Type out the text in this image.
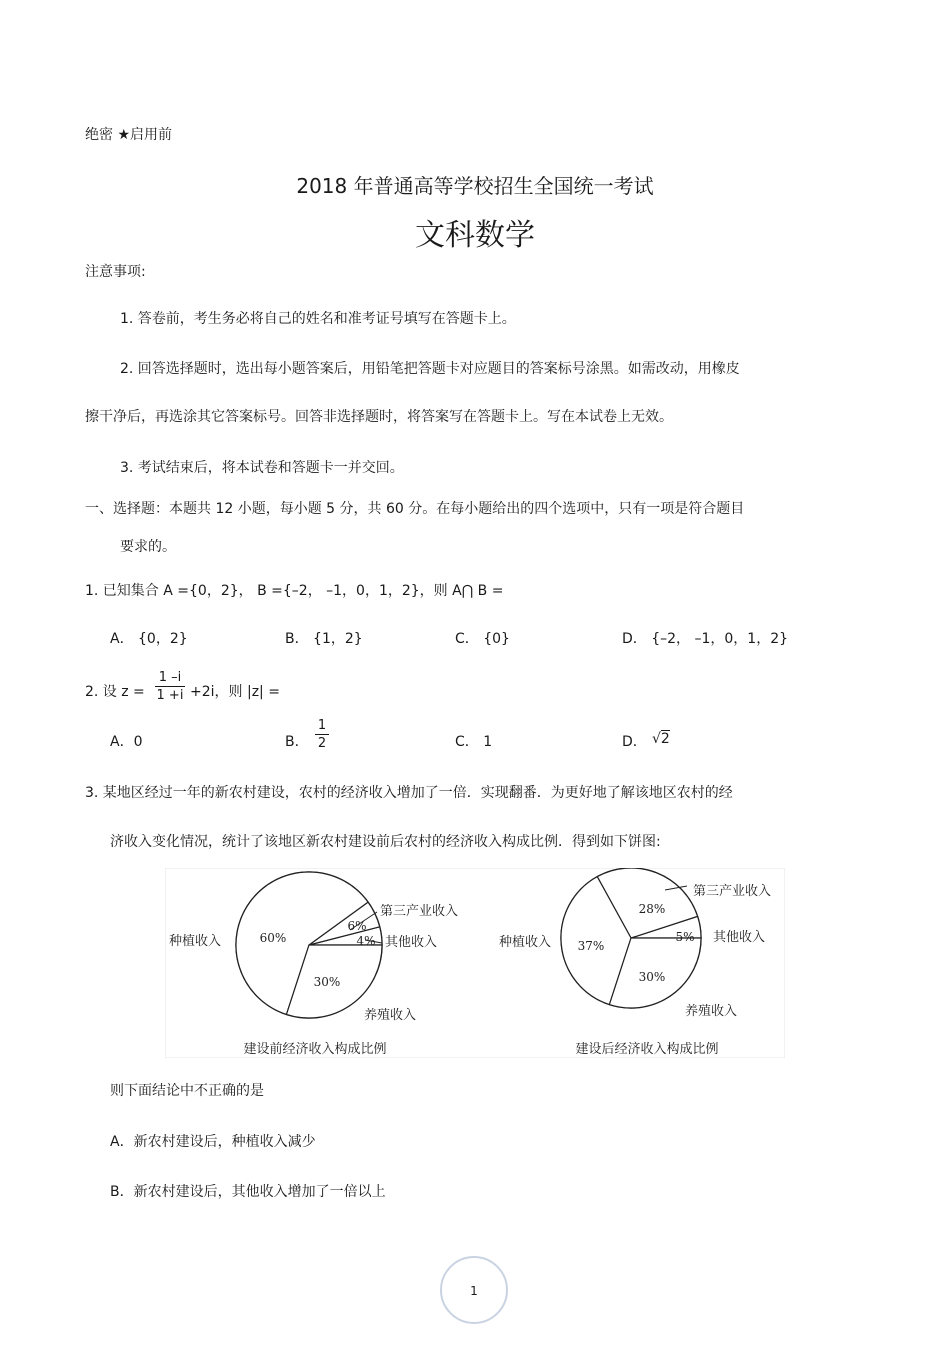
绝密 ★启用前
2018 年普通高等学校招生全国统一考试
文科数学
注意事项:
1. 答卷前，考生务必将自己的姓名和准考证号填写在答题卡上。
2. 回答选择题时，选出每小题答案后，用铅笔把答题卡对应题目的答案标号涂黑。如需改动，用橡皮
擦干净后，再选涂其它答案标号。回答非选择题时，将答案写在答题卡上。写在本试卷上无效。
3. 考试结束后，将本试卷和答题卡一并交回。
一、选择题：本题共 12 小题，每小题 5 分，共 60 分。在每小题给出的四个选项中，只有一项是符合题目
要求的。
1. 已知集合 A ={0，2}， B ={–2， –1，0，1，2}，则 A⋂ B =
A． {0，2}	B． {1，2}	C． {0}	D． {–2， –1，0，1，2}
2. 设 z =
1 –i
1 +i +2i，则 |z| =
A．0	B．
1
2	C． 1	D． √2
3. 某地区经过一年的新农村建设，农村的经济收入增加了一倍．实现翻番．为更好地了解该地区农村的经
济收入变化情况，统计了该地区新农村建设前后农村的经济收入构成比例．得到如下饼图:
种植收入
第三产业收入
其他收入
养殖收入
60%
6%
4%
30%
建设前经济收入构成比例
种植收入
第三产业收入
其他收入
养殖收入
37%
28%
5%
30%
建设后经济收入构成比例
则下面结论中不正确的是
A．新农村建设后，种植收入减少
B．新农村建设后，其他收入增加了一倍以上
1
